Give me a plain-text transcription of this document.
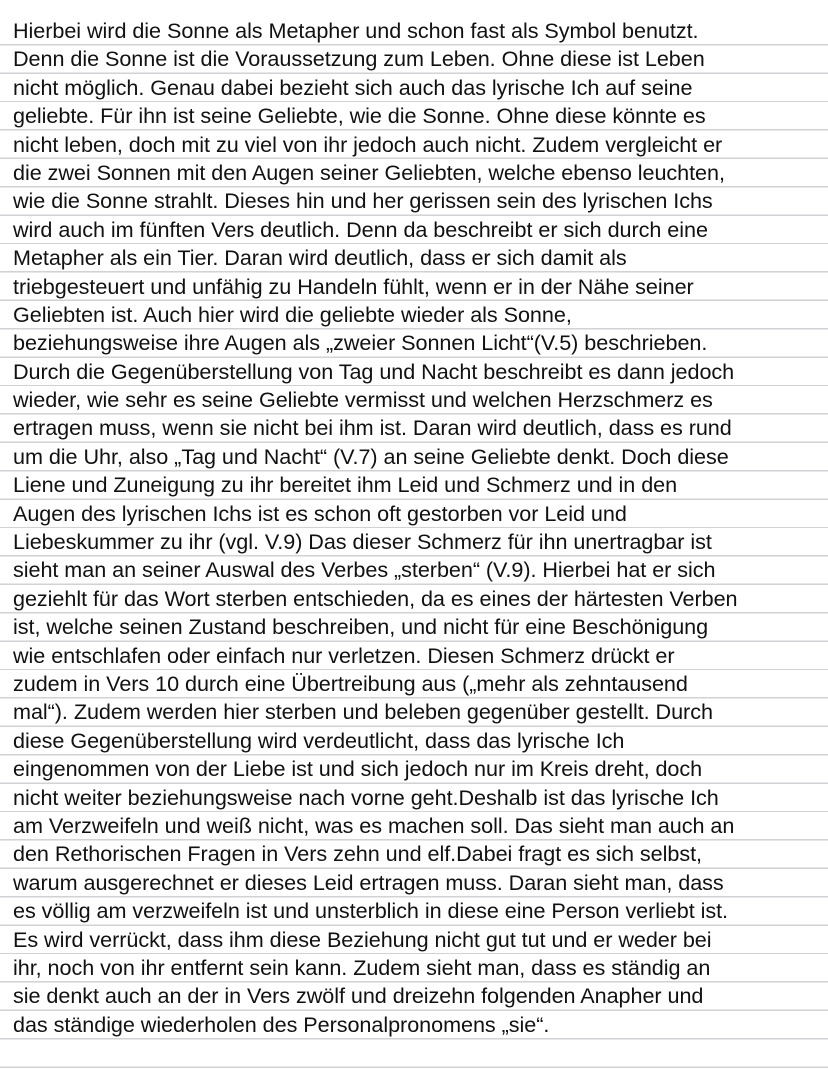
Hierbei wird die Sonne als Metapher und schon fast als Symbol benutzt.
Denn die Sonne ist die Voraussetzung zum Leben. Ohne diese ist Leben
nicht möglich. Genau dabei bezieht sich auch das lyrische Ich auf seine
geliebte. Für ihn ist seine Geliebte, wie die Sonne. Ohne diese könnte es
nicht leben, doch mit zu viel von ihr jedoch auch nicht. Zudem vergleicht er
die zwei Sonnen mit den Augen seiner Geliebten, welche ebenso leuchten,
wie die Sonne strahlt. Dieses hin und her gerissen sein des lyrischen Ichs
wird auch im fünften Vers deutlich. Denn da beschreibt er sich durch eine
Metapher als ein Tier. Daran wird deutlich, dass er sich damit als
triebgesteuert und unfähig zu Handeln fühlt, wenn er in der Nähe seiner
Geliebten ist. Auch hier wird die geliebte wieder als Sonne,
beziehungsweise ihre Augen als „zweier Sonnen Licht“(V.5) beschrieben.
Durch die Gegenüberstellung von Tag und Nacht beschreibt es dann jedoch
wieder, wie sehr es seine Geliebte vermisst und welchen Herzschmerz es
ertragen muss, wenn sie nicht bei ihm ist. Daran wird deutlich, dass es rund
um die Uhr, also „Tag und Nacht“ (V.7) an seine Geliebte denkt. Doch diese
Liene und Zuneigung zu ihr bereitet ihm Leid und Schmerz und in den
Augen des lyrischen Ichs ist es schon oft gestorben vor Leid und
Liebeskummer zu ihr (vgl. V.9) Das dieser Schmerz für ihn unertragbar ist
sieht man an seiner Auswal des Verbes „sterben“ (V.9). Hierbei hat er sich
geziehlt für das Wort sterben entschieden, da es eines der härtesten Verben
ist, welche seinen Zustand beschreiben, und nicht für eine Beschönigung
wie entschlafen oder einfach nur verletzen. Diesen Schmerz drückt er
zudem in Vers 10 durch eine Übertreibung aus („mehr als zehntausend
mal“). Zudem werden hier sterben und beleben gegenüber gestellt. Durch
diese Gegenüberstellung wird verdeutlicht, dass das lyrische Ich
eingenommen von der Liebe ist und sich jedoch nur im Kreis dreht, doch
nicht weiter beziehungsweise nach vorne geht.Deshalb ist das lyrische Ich
am Verzweifeln und weiß nicht, was es machen soll. Das sieht man auch an
den Rethorischen Fragen in Vers zehn und elf.Dabei fragt es sich selbst,
warum ausgerechnet er dieses Leid ertragen muss. Daran sieht man, dass
es völlig am verzweifeln ist und unsterblich in diese eine Person verliebt ist.
Es wird verrückt, dass ihm diese Beziehung nicht gut tut und er weder bei
ihr, noch von ihr entfernt sein kann. Zudem sieht man, dass es ständig an
sie denkt auch an der in Vers zwölf und dreizehn folgenden Anapher und
das ständige wiederholen des Personalpronomens „sie“.
